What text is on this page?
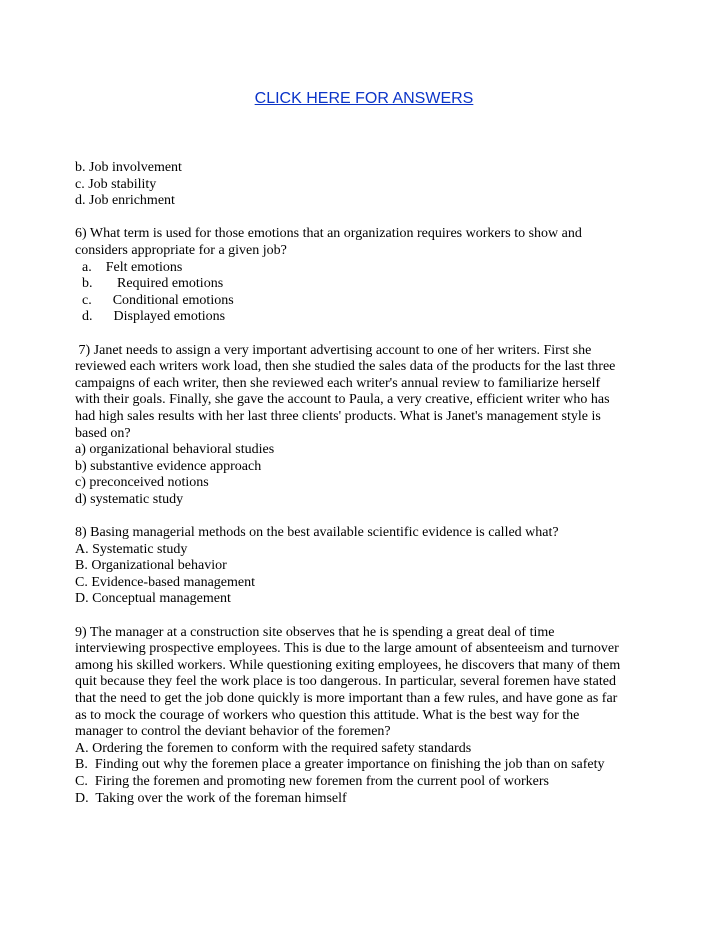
CLICK HERE FOR ANSWERS
b. Job involvement
c. Job stability
d. Job enrichment
6) What term is used for those emotions that an organization requires workers to show and
considers appropriate for a given job?
a.    Felt emotions
b.       Required emotions
c.      Conditional emotions
d.      Displayed emotions
7) Janet needs to assign a very important advertising account to one of her writers. First she
reviewed each writers work load, then she studied the sales data of the products for the last three
campaigns of each writer, then she reviewed each writer's annual review to familiarize herself
with their goals. Finally, she gave the account to Paula, a very creative, efficient writer who has
had high sales results with her last three clients' products. What is Janet's management style is
based on?
a) organizational behavioral studies
b) substantive evidence approach
c) preconceived notions
d) systematic study
8) Basing managerial methods on the best available scientific evidence is called what?
A. Systematic study
B. Organizational behavior
C. Evidence-based management
D. Conceptual management
9) The manager at a construction site observes that he is spending a great deal of time
interviewing prospective employees. This is due to the large amount of absenteeism and turnover
among his skilled workers. While questioning exiting employees, he discovers that many of them
quit because they feel the work place is too dangerous. In particular, several foremen have stated
that the need to get the job done quickly is more important than a few rules, and have gone as far
as to mock the courage of workers who question this attitude. What is the best way for the
manager to control the deviant behavior of the foremen?
A. Ordering the foremen to conform with the required safety standards
B.  Finding out why the foremen place a greater importance on finishing the job than on safety
C.  Firing the foremen and promoting new foremen from the current pool of workers
D.  Taking over the work of the foreman himself
